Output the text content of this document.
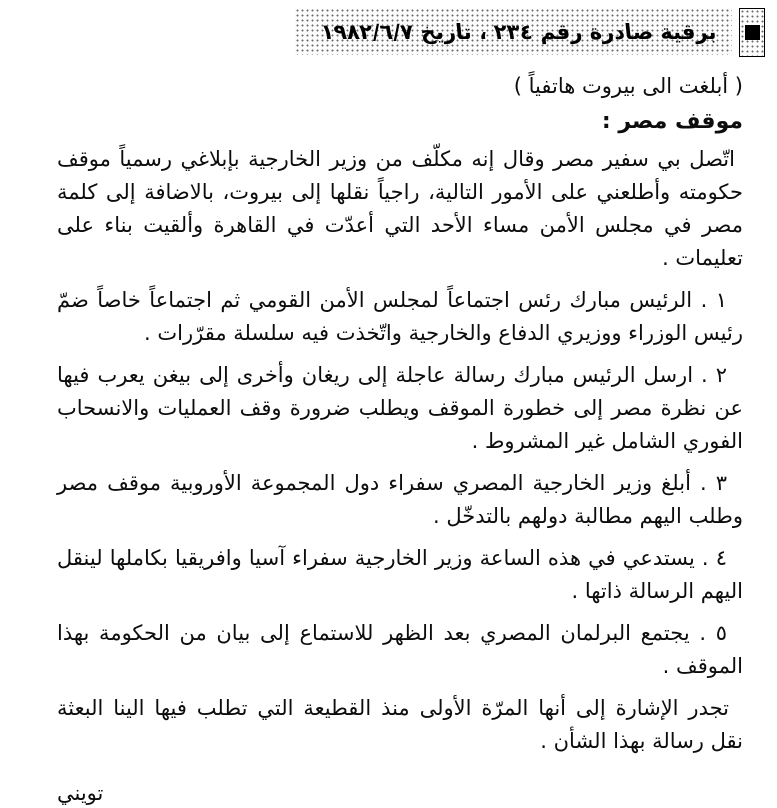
برقية صادرة رقم ٢٣٤ ، تاريخ ١٩٨٢/٦/٧
( أبلغت الى بيروت هاتفياً )
موقف مصر :

اتّصل بي سفير مصر وقال إنه مكلّف من وزير الخارجية بإبلاغي رسمياً موقف حكومته وأطلعني على الأمور التالية، راجياً نقلها إلى بيروت، بالاضافة إلى كلمة مصر في مجلس الأمن مساء الأحد التي أعدّت في القاهرة وألقيت بناء على تعليمات .

١ . الرئيس مبارك رئس اجتماعاً لمجلس الأمن القومي ثم اجتماعاً خاصاً ضمّ رئيس الوزراء ووزيري الدفاع والخارجية واتّخذت فيه سلسلة مقرّرات .

٢ . ارسل الرئيس مبارك رسالة عاجلة إلى ريغان وأخرى إلى بيغن يعرب فيها عن نظرة مصر إلى خطورة الموقف ويطلب ضرورة وقف العمليات والانسحاب الفوري الشامل غير المشروط .

٣ . أبلغ وزير الخارجية المصري سفراء دول المجموعة الأوروبية موقف مصر وطلب اليهم مطالبة دولهم بالتدخّل .

٤ . يستدعي في هذه الساعة وزير الخارجية سفراء آسيا وافريقيا بكاملها لينقل اليهم الرسالة ذاتها .

٥ . يجتمع البرلمان المصري بعد الظهر للاستماع إلى بيان من الحكومة بهذا الموقف .

تجدر الإشارة إلى أنها المرّة الأولى منذ القطيعة التي تطلب فيها الينا البعثة نقل رسالة بهذا الشأن .

تويني
